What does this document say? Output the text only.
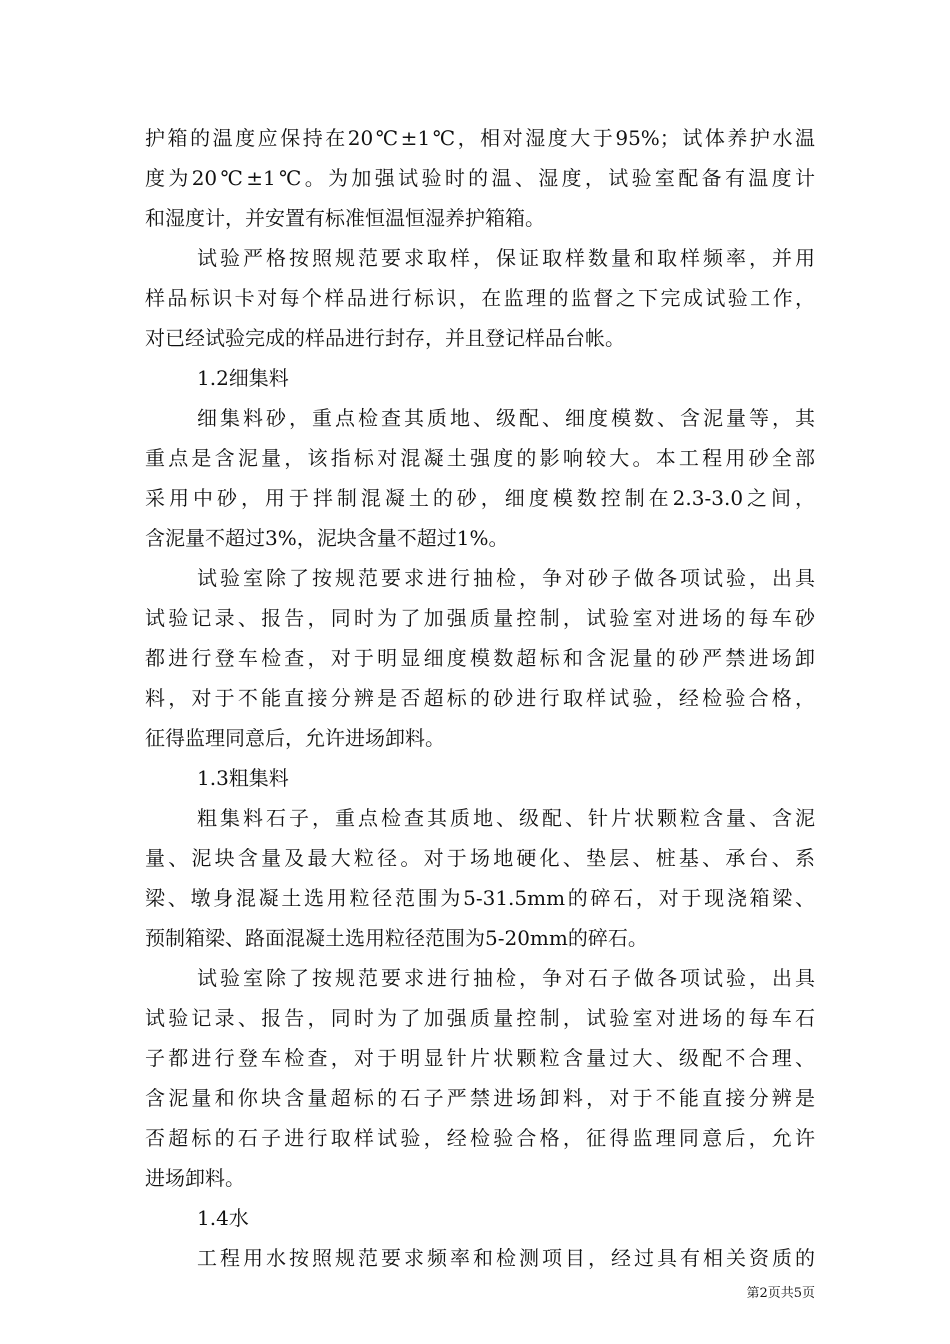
护箱的温度应保持在20℃±1℃，相对湿度大于95%；试体养护水温
度为20℃±1℃。为加强试验时的温、湿度，试验室配备有温度计
和湿度计，并安置有标准恒温恒湿养护箱箱。
试验严格按照规范要求取样，保证取样数量和取样频率，并用
样品标识卡对每个样品进行标识，在监理的监督之下完成试验工作，
对已经试验完成的样品进行封存，并且登记样品台帐。
1.2细集料
细集料砂，重点检查其质地、级配、细度模数、含泥量等，其
重点是含泥量，该指标对混凝土强度的影响较大。本工程用砂全部
采用中砂，用于拌制混凝土的砂，细度模数控制在2.3-3.0之间，
含泥量不超过3%，泥块含量不超过1%。
试验室除了按规范要求进行抽检，争对砂子做各项试验，出具
试验记录、报告，同时为了加强质量控制，试验室对进场的每车砂
都进行登车检查，对于明显细度模数超标和含泥量的砂严禁进场卸
料，对于不能直接分辨是否超标的砂进行取样试验，经检验合格，
征得监理同意后，允许进场卸料。
1.3粗集料
粗集料石子，重点检查其质地、级配、针片状颗粒含量、含泥
量、泥块含量及最大粒径。对于场地硬化、垫层、桩基、承台、系
梁、墩身混凝土选用粒径范围为5-31.5mm的碎石，对于现浇箱梁、
预制箱梁、路面混凝土选用粒径范围为5-20mm的碎石。
试验室除了按规范要求进行抽检，争对石子做各项试验，出具
试验记录、报告，同时为了加强质量控制，试验室对进场的每车石
子都进行登车检查，对于明显针片状颗粒含量过大、级配不合理、
含泥量和你块含量超标的石子严禁进场卸料，对于不能直接分辨是
否超标的石子进行取样试验，经检验合格，征得监理同意后，允许
进场卸料。
1.4水
工程用水按照规范要求频率和检测项目，经过具有相关资质的
第2页共5页
